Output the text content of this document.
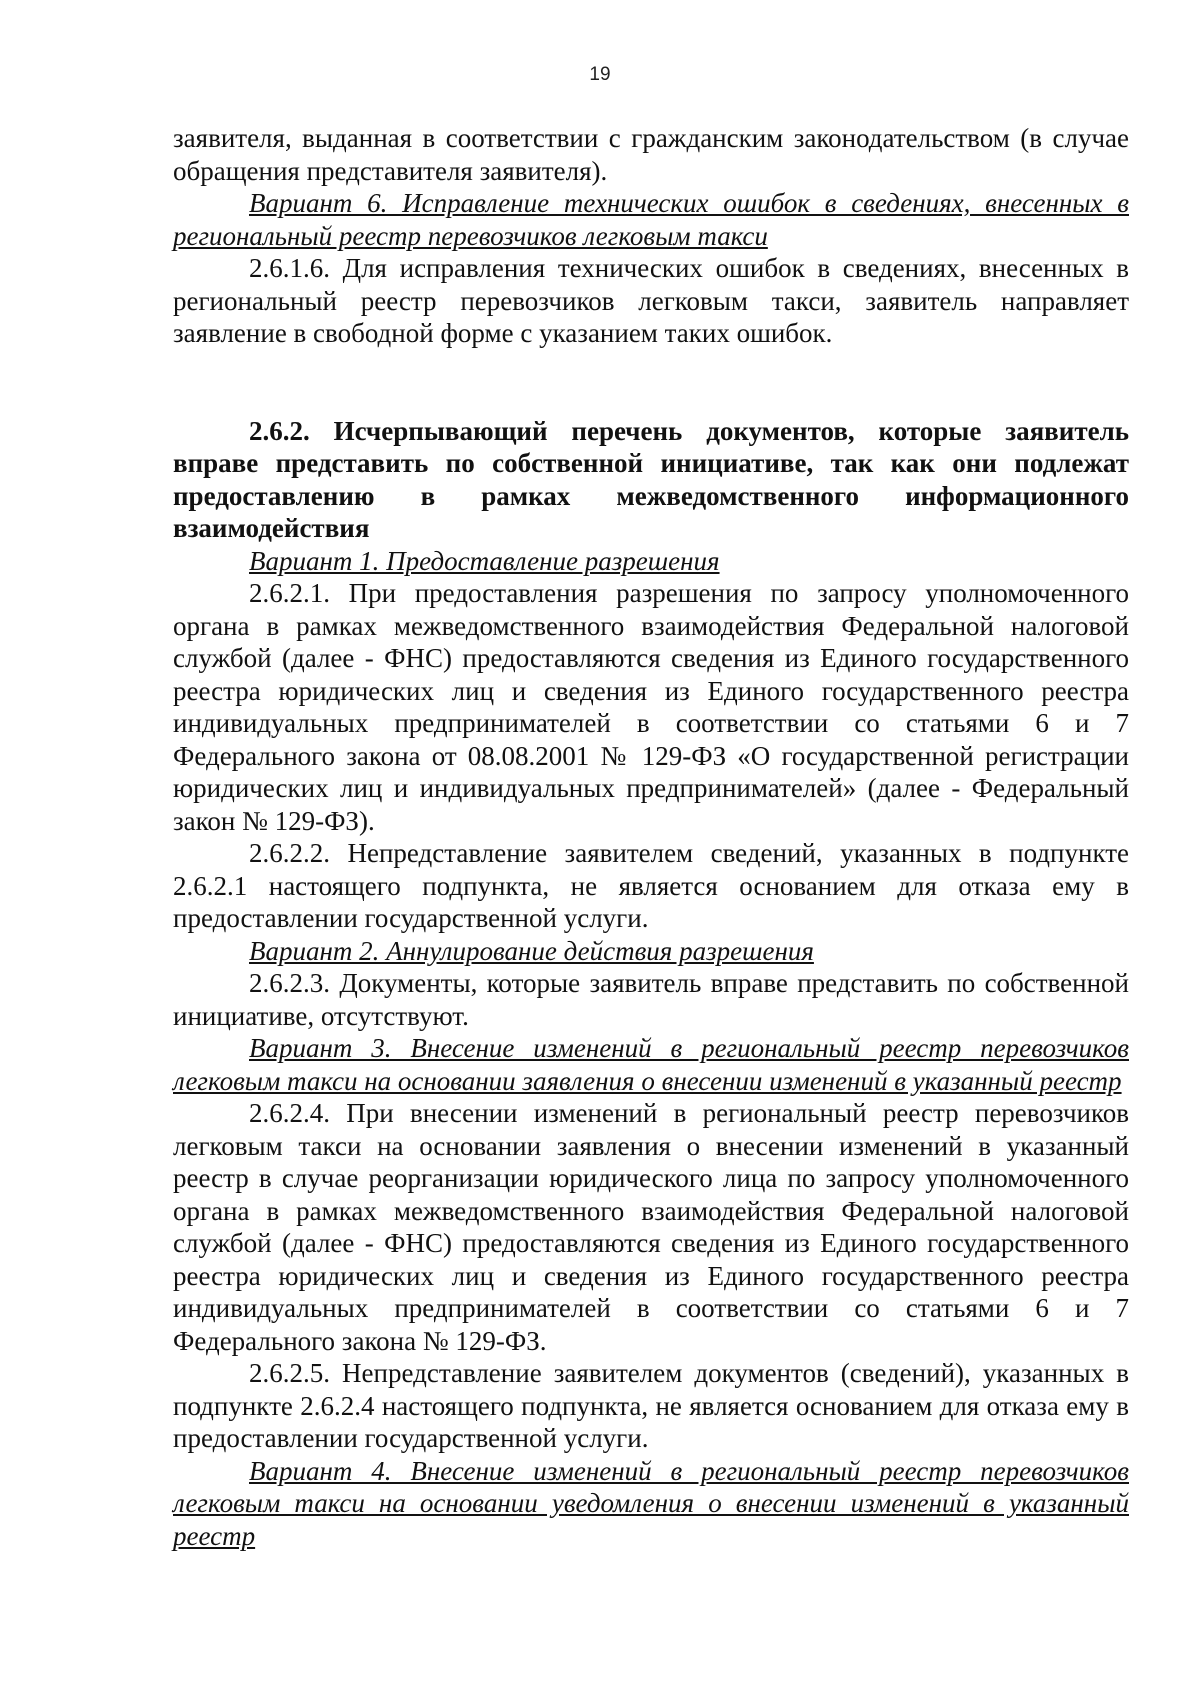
19

заявителя, выданная в соответствии с гражданским законодательством (в случае обращения представителя заявителя).

Вариант 6. Исправление технических ошибок в сведениях, внесенных в региональный реестр перевозчиков легковым такси

2.6.1.6. Для исправления технических ошибок в сведениях, внесенных в региональный реестр перевозчиков легковым такси, заявитель направляет заявление в свободной форме с указанием таких ошибок.

2.6.2. Исчерпывающий перечень документов, которые заявитель вправе представить по собственной инициативе, так как они подлежат предоставлению в рамках межведомственного информационного взаимодействия

Вариант 1. Предоставление разрешения

2.6.2.1. При предоставления разрешения по запросу уполномоченного органа в рамках межведомственного взаимодействия Федеральной налоговой службой (далее - ФНС) предоставляются сведения из Единого государственного реестра юридических лиц и сведения из Единого государственного реестра индивидуальных предпринимателей в соответствии со статьями 6 и 7 Федерального закона от 08.08.2001 № 129-ФЗ «О государственной регистрации юридических лиц и индивидуальных предпринимателей» (далее - Федеральный закон № 129-ФЗ).

2.6.2.2. Непредставление заявителем сведений, указанных в подпункте 2.6.2.1 настоящего подпункта, не является основанием для отказа ему в предоставлении государственной услуги.

Вариант 2. Аннулирование действия разрешения

2.6.2.3. Документы, которые заявитель вправе представить по собственной инициативе, отсутствуют.

Вариант 3. Внесение изменений в региональный реестр перевозчиков легковым такси на основании заявления о внесении изменений в указанный реестр

2.6.2.4. При внесении изменений в региональный реестр перевозчиков легковым такси на основании заявления о внесении изменений в указанный реестр в случае реорганизации юридического лица по запросу уполномоченного органа в рамках межведомственного взаимодействия Федеральной налоговой службой (далее - ФНС) предоставляются сведения из Единого государственного реестра юридических лиц и сведения из Единого государственного реестра индивидуальных предпринимателей в соответствии со статьями 6 и 7 Федерального закона № 129-ФЗ.

2.6.2.5. Непредставление заявителем документов (сведений), указанных в подпункте 2.6.2.4 настоящего подпункта, не является основанием для отказа ему в предоставлении государственной услуги.

Вариант 4. Внесение изменений в региональный реестр перевозчиков легковым такси на основании уведомления о внесении изменений в указанный реестр
